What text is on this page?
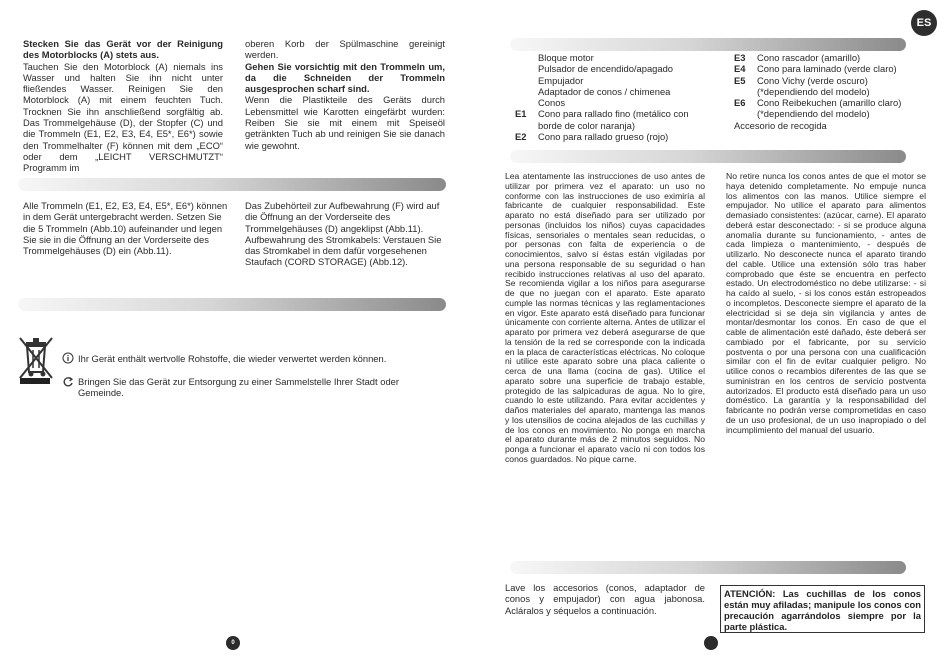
Stecken Sie das Gerät vor der Reinigung des Motorblocks (A) stets aus.

Tauchen Sie den Motorblock (A) niemals ins Wasser und halten Sie ihn nicht unter fließendes Wasser. Reinigen Sie den Motorblock (A) mit einem feuchten Tuch. Trocknen Sie ihn anschließend sorgfältig ab. Das Trommelgehäuse (D), der Stopfer (C) und die Trommeln (E1, E2, E3, E4, E5*, E6*) sowie den Trommelhalter (F) können mit dem „ECO“ oder dem „LEICHT VERSCHMUTZT“ Programm im

oberen Korb der Spülmaschine gereinigt werden.

Gehen Sie vorsichtig mit den Trommeln um, da die Schneiden der Trommeln ausgesprochen scharf sind.

Wenn die Plastikteile des Geräts durch Lebensmittel wie Karotten eingefärbt wurden: Reiben Sie sie mit einem mit Speiseöl getränkten Tuch ab und reinigen Sie sie danach wie gewohnt.

Alle Trommeln (E1, E2, E3, E4, E5*, E6*) können in dem Gerät untergebracht werden. Setzen Sie die 5 Trommeln (Abb.10) aufeinander und legen Sie sie in die Öffnung an der Vorderseite des Trommelgehäuses (D) ein (Abb.11).
Das Zubehörteil zur Aufbewahrung (F) wird auf die Öffnung an der Vorderseite des Trommelgehäuses (D) angeklipst (Abb.11). Aufbewahrung des Stromkabels: Verstauen Sie das Stromkabel in dem dafür vorgesehenen Staufach (CORD STORAGE) (Abb.12).
Ihr Gerät enthält wertvolle Rohstoffe, die wieder verwertet werden können.
Bringen Sie das Gerät zur Entsorgung zu einer Sammelstelle Ihrer Stadt oder Gemeinde.
0
ES
Bloque motor
Pulsador de encendido/apagado
Empujador
Adaptador de conos / chimenea
Conos
E1	Cono para rallado fino (metálico con borde de color naranja)
E2	Cono para rallado grueso (rojo)
E3	Cono rascador (amarillo)
E4	Cono para laminado (verde claro)
E5	Cono Vichy (verde oscuro) (*dependiendo del modelo)
E6	Cono Reibekuchen (amarillo claro) (*dependiendo del modelo)
Accesorio de recogida
Lea atentamente las instrucciones de uso antes de utilizar por primera vez el aparato: un uso no conforme con las instrucciones de uso eximiría al fabricante de cualquier responsabilidad. Este aparato no está diseñado para ser utilizado por personas (incluidos los niños) cuyas capacidades físicas, sensoriales o mentales sean reducidas, o por personas con falta de experiencia o de conocimientos, salvo si éstas están vigiladas por una persona responsable de su seguridad o han recibido instrucciones relativas al uso del aparato. Se recomienda vigilar a los niños para asegurarse de que no juegan con el aparato. Este aparato cumple las normas técnicas y las reglamentaciones en vigor. Este aparato está diseñado para funcionar únicamente con corriente alterna. Antes de utilizar el aparato por primera vez deberá asegurarse de que la tensión de la red se corresponde con la indicada en la placa de características eléctricas. No coloque ni utilice este aparato sobre una placa caliente o cerca de una llama (cocina de gas). Utilice el aparato sobre una superficie de trabajo estable, protegido de las salpicaduras de agua. No lo gire, cuando lo este utilizando. Para evitar accidentes y daños materiales del aparato, mantenga las manos y los utensilios de cocina alejados de las cuchillas y de los conos en movimiento. No ponga en marcha el aparato durante más de 2 minutos seguidos. No ponga a funcionar el aparato vacío ni con todos los conos guardados. No pique carne.
No retire nunca los conos antes de que el motor se haya detenido completamente. No empuje nunca los alimentos con las manos. Utilice siempre el empujador. No utilice el aparato para alimentos demasiado consistentes: (azúcar, carne). El aparato deberá estar desconectado: - si se produce alguna anomalía durante su funcionamiento, - antes de cada limpieza o mantenimiento, - después de utilizarlo. No desconecte nunca el aparato tirando del cable. Utilice una extensión sólo tras haber comprobado que éste se encuentra en perfecto estado. Un electrodoméstico no debe utilizarse: - si ha caído al suelo, - si los conos están estropeados o incompletos. Desconecte siempre el aparato de la electricidad si se deja sin vigilancia y antes de montar/desmontar los conos. En caso de que el cable de alimentación esté dañado, éste deberá ser cambiado por el fabricante, por su servicio postventa o por una persona con una cualificación similar con el fin de evitar cualquier peligro. No utilice conos o recambios diferentes de las que se suministran en los centros de servicio postventa autorizados. El producto está diseñado para un uso doméstico. La garantía y la responsabilidad del fabricante no podrán verse comprometidas en caso de un uso profesional, de un uso inapropiado o del incumplimiento del manual del usuario.
Lave los accesorios (conos, adaptador de conos y empujador) con agua jabonosa. Acláralos y séquelos a continuación.
ATENCIÓN: Las cuchillas de los conos están muy afiladas; manipule los conos con precaución agarrándolos siempre por la parte plástica.
